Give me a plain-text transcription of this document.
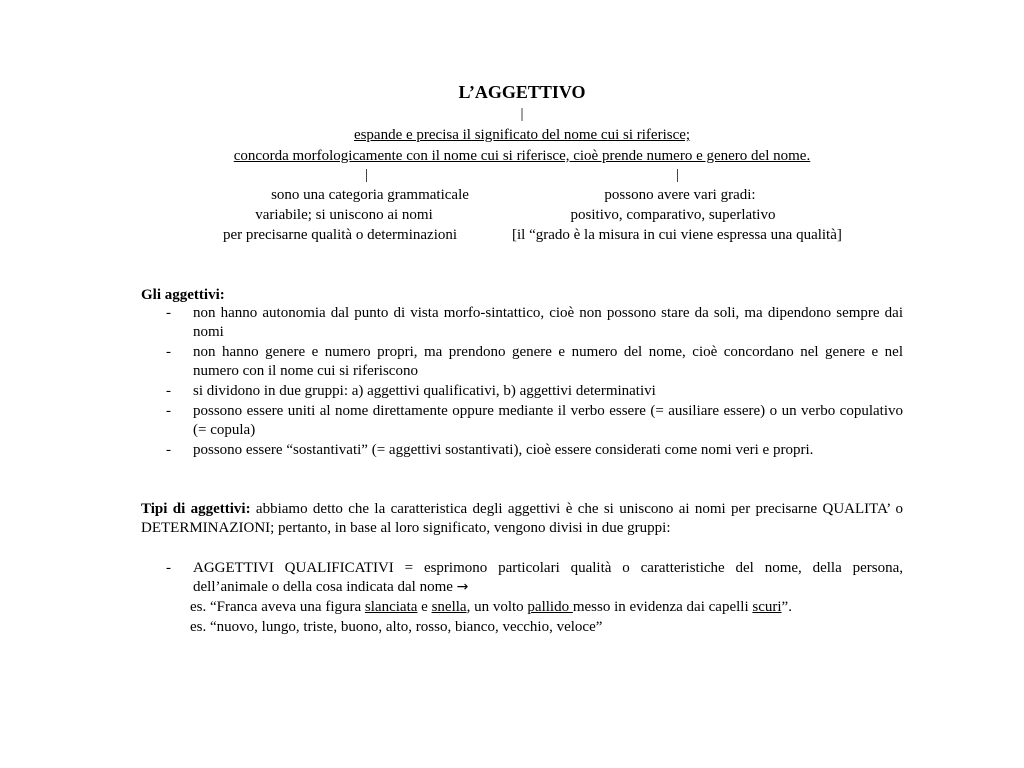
L’AGGETTIVO
|
espande e precisa il significato del nome cui si riferisce;
concorda morfologicamente con il nome cui si riferisce, cioè prende numero e genero del nome.
|	|
sono una categoria grammaticale
variabile; si uniscono ai nomi
per precisarne qualità o determinazioni
possono avere vari gradi:
positivo, comparativo, superlativo
[il “grado è la misura in cui viene espressa una qualità]
Gli aggettivi:
- non hanno autonomia dal punto di vista morfo-sintattico, cioè non possono stare da soli, ma dipendono sempre dai nomi
- non hanno genere e numero propri, ma prendono genere e numero del nome, cioè concordano nel genere e nel numero con il nome cui si riferiscono
- si dividono in due gruppi: a) aggettivi qualificativi, b) aggettivi determinativi
- possono essere uniti al nome direttamente oppure mediante il verbo essere (= ausiliare essere) o un verbo copulativo (= copula)
- possono essere “sostantivati” (= aggettivi sostantivati), cioè essere considerati come nomi veri e propri.
Tipi di aggettivi: abbiamo detto che la caratteristica degli aggettivi è che si uniscono ai nomi per precisarne QUALITA’ o DETERMINAZIONI; pertanto, in base al loro significato, vengono divisi in due gruppi:
- AGGETTIVI QUALIFICATIVI = esprimono particolari qualità o caratteristiche del nome, della persona, dell’animale o della cosa indicata dal nome →
es. “Franca aveva una figura slanciata e snella, un volto pallido messo in evidenza dai capelli scuri”.
es. “nuovo, lungo, triste, buono, alto, rosso, bianco, vecchio, veloce”
